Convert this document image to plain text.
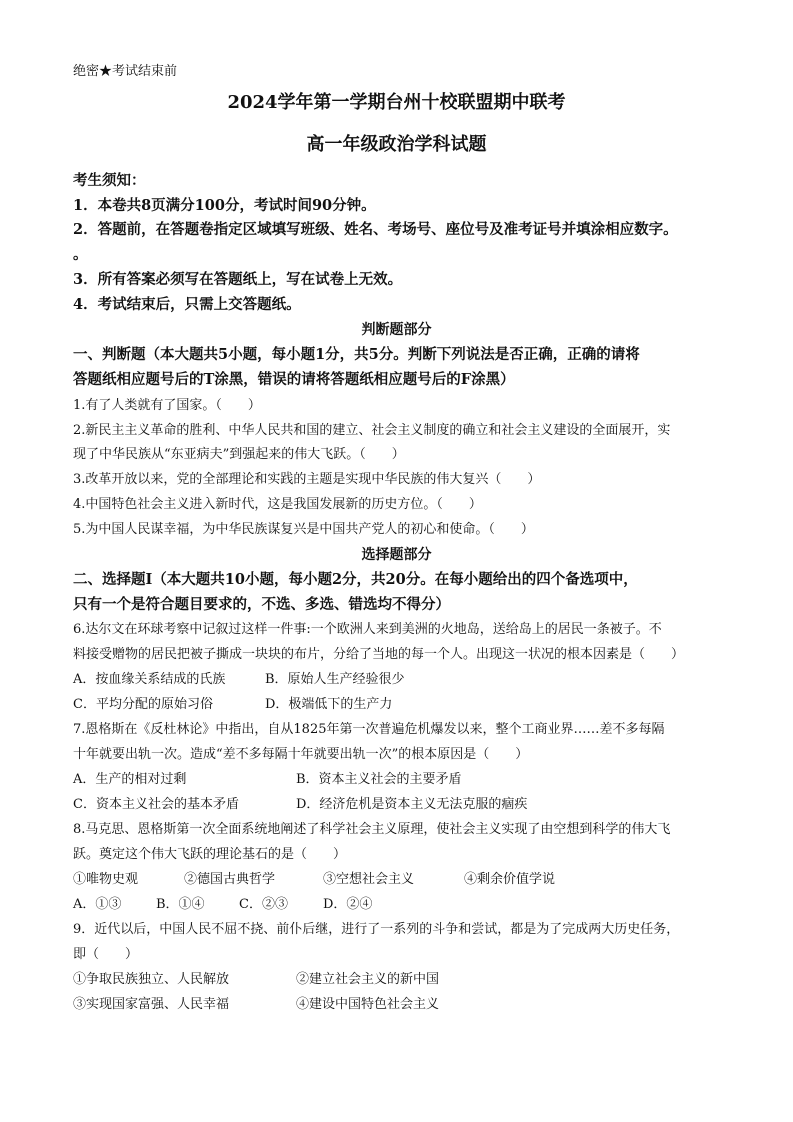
绝密★考试结束前
2024学年第一学期台州十校联盟期中联考
高一年级政治学科试题
考生须知：
1．本卷共8页满分100分，考试时间90分钟。
2．答题前，在答题卷指定区域填写班级、姓名、考场号、座位号及准考证号并填涂相应数字。
。
3．所有答案必须写在答题纸上，写在试卷上无效。
4．考试结束后，只需上交答题纸。
判断题部分
一、判断题（本大题共5小题，每小题1分，共5分。判断下列说法是否正确，正确的请将
答题纸相应题号后的T涂黑，错误的请将答题纸相应题号后的F涂黑）
1.有了人类就有了国家。（　　）
2.新民主主义革命的胜利、中华人民共和国的建立、社会主义制度的确立和社会主义建设的全面展开，实
现了中华民族从“东亚病夫”到强起来的伟大飞跃。（　　）
3.改革开放以来，党的全部理论和实践的主题是实现中华民族的伟大复兴（　　）
4.中国特色社会主义进入新时代，这是我国发展新的历史方位。（　　）
5.为中国人民谋幸福，为中华民族谋复兴是中国共产党人的初心和使命。（　　）
选择题部分
二、选择题Ⅰ（本大题共10小题，每小题2分，共20分。在每小题给出的四个备选项中，
只有一个是符合题目要求的，不选、多选、错选均不得分）
6.达尔文在环球考察中记叙过这样一件事:一个欧洲人来到美洲的火地岛，送给岛上的居民一条被子。不
料接受赠物的居民把被子撕成一块块的布片，分给了当地的每一个人。出现这一状况的根本因素是（　　）
A．按血缘关系结成的氏族	B．原始人生产经验很少
C．平均分配的原始习俗	D．极端低下的生产力
7.恩格斯在《反杜林论》中指出，自从1825年第一次普遍危机爆发以来，整个工商业界……差不多每隔
十年就要出轨一次。造成“差不多每隔十年就要出轨一次”的根本原因是（　　）
A．生产的相对过剩	B．资本主义社会的主要矛盾
C．资本主义社会的基本矛盾	D．经济危机是资本主义无法克服的痼疾
8.马克思、恩格斯第一次全面系统地阐述了科学社会主义原理，使社会主义实现了由空想到科学的伟大飞
跃。奠定这个伟大飞跃的理论基石的是（　　）
①唯物史观	②德国古典哲学	③空想社会主义	④剩余价值学说
A．①③	B．①④	C．②③	D．②④
9．近代以后，中国人民不屈不挠、前仆后继，进行了一系列的斗争和尝试，都是为了完成两大历史任务，
即（　　）
①争取民族独立、人民解放	②建立社会主义的新中国
③实现国家富强、人民幸福	④建设中国特色社会主义
